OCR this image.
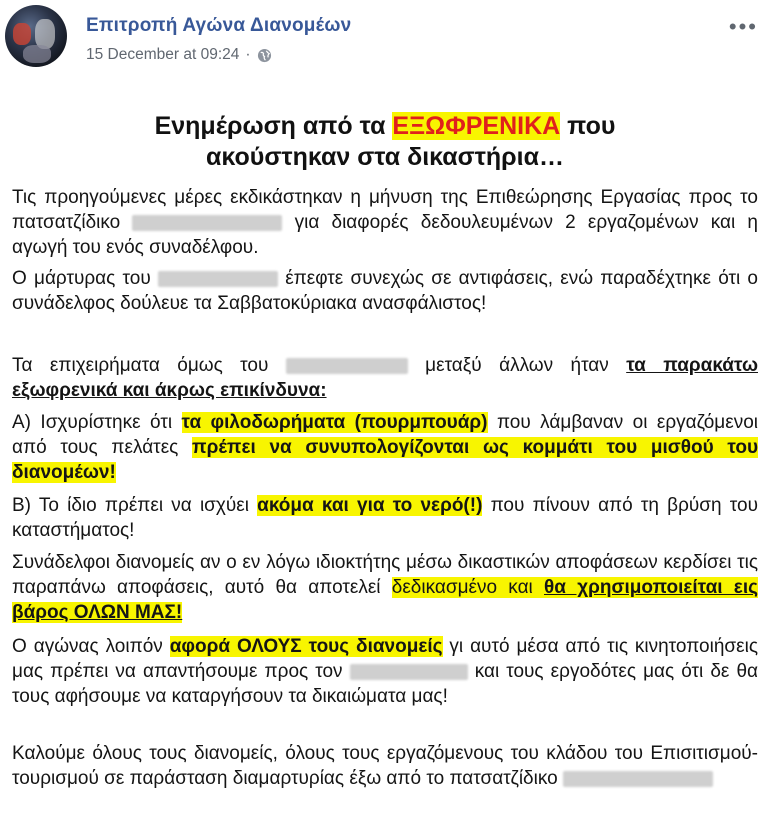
Επιτροπή Αγώνα Διανομέων
15 December at 09:24 ·
•••
Ενημέρωση από τα ΕΞΩΦΡΕΝΙΚΑ που
ακούστηκαν στα δικαστήρια…
Τις προηγούμενες μέρες εκδικάστηκαν η μήνυση της Επιθεώρησης Εργασίας προς το πατσατζίδικο	για διαφορές δεδουλευμένων 2 εργαζομένων και η αγωγή του ενός συναδέλφου.
Ο μάρτυρας του	έπεφτε συνεχώς σε αντιφάσεις, ενώ παραδέχτηκε ότι ο συνάδελφος δούλευε τα Σαββατοκύριακα ανασφάλιστος!
Τα επιχειρήματα όμως του	μεταξύ άλλων ήταν τα παρακάτω εξωφρενικά και άκρως επικίνδυνα:
Α) Ισχυρίστηκε ότι τα φιλοδωρήματα (πουρμπουάρ) που λάμβαναν οι εργαζόμενοι από τους πελάτες πρέπει να συνυπολογίζονται ως κομμάτι του μισθού του διανομέων!
Β) Το ίδιο πρέπει να ισχύει ακόμα και για το νερό(!) που πίνουν από τη βρύση του καταστήματος!
Συνάδελφοι διανομείς αν ο εν λόγω ιδιοκτήτης μέσω δικαστικών αποφάσεων κερδίσει τις παραπάνω αποφάσεις, αυτό θα αποτελεί δεδικασμένο και θα χρησιμοποιείται εις βάρος ΟΛΩΝ ΜΑΣ!
Ο αγώνας λοιπόν αφορά ΟΛΟΥΣ τους διανομείς γι αυτό μέσα από τις κινητοποιήσεις μας πρέπει να απαντήσουμε προς τον	και τους εργοδότες μας ότι δε θα τους αφήσουμε να καταργήσουν τα δικαιώματα μας!
Καλούμε όλους τους διανομείς, όλους τους εργαζόμενους του κλάδου του Επισιτισμού-τουρισμού σε παράσταση διαμαρτυρίας έξω από το πατσατζίδικο
